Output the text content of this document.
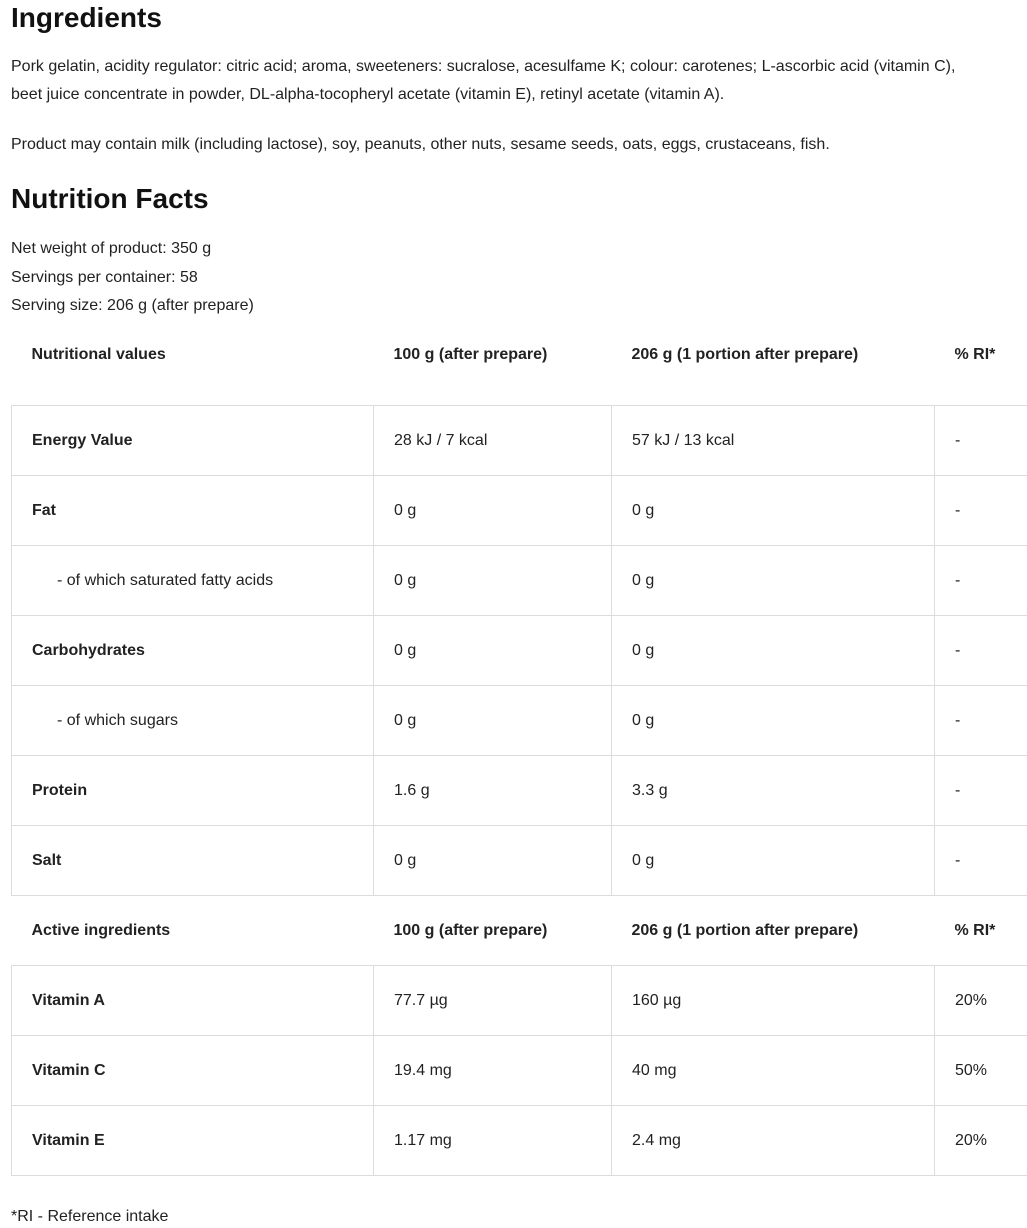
Ingredients

Pork gelatin, acidity regulator: citric acid; aroma, sweeteners: sucralose, acesulfame K; colour: carotenes; L-ascorbic acid (vitamin C), beet juice concentrate in powder, DL-alpha-tocopheryl acetate (vitamin E), retinyl acetate (vitamin A).

Product may contain milk (including lactose), soy, peanuts, other nuts, sesame seeds, oats, eggs, crustaceans, fish.

Nutrition Facts

Net weight of product: 350 g

Servings per container: 58

Serving size: 206 g (after prepare)

Nutritional values	100 g (after prepare)	206 g (1 portion after prepare)	% RI*
Energy Value	28 kJ / 7 kcal	57 kJ / 13 kcal	-
Fat	0 g	0 g	-
- of which saturated fatty acids	0 g	0 g	-
Carbohydrates	0 g	0 g	-
- of which sugars	0 g	0 g	-
Protein	1.6 g	3.3 g	-
Salt	0 g	0 g	-
Active ingredients	100 g (after prepare)	206 g (1 portion after prepare)	% RI*
Vitamin A	77.7 µg	160 µg	20%
Vitamin C	19.4 mg	40 mg	50%
Vitamin E	1.17 mg	2.4 mg	20%

*RI - Reference intake
